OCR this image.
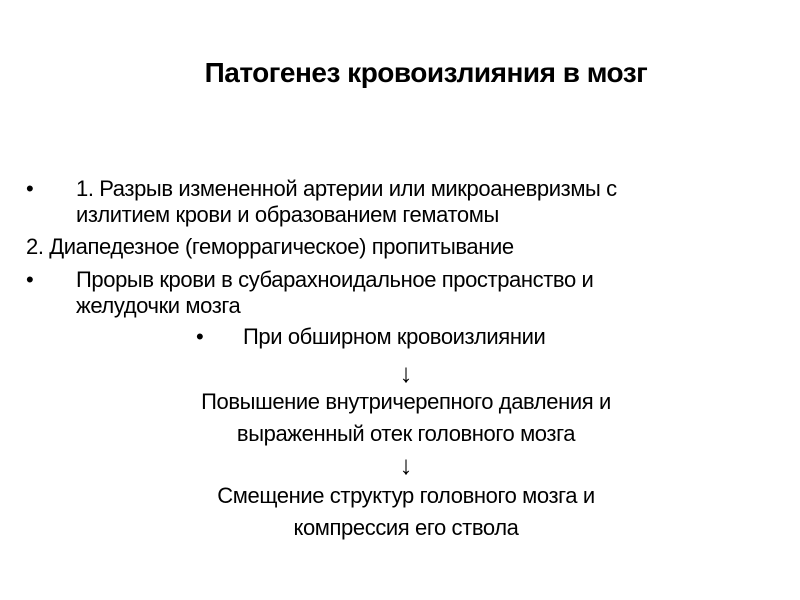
Патогенез кровоизлияния в мозг
• 1. Разрыв измененной артерии или микроаневризмы с
излитием крови и образованием гематомы
2. Диапедезное (геморрагическое) пропитывание
• Прорыв крови в субарахноидальное пространство и
желудочки мозга
• При обширном кровоизлиянии
↓
Повышение внутричерепного давления и
выраженный отек головного мозга
↓
Смещение структур головного мозга и
компрессия его ствола
